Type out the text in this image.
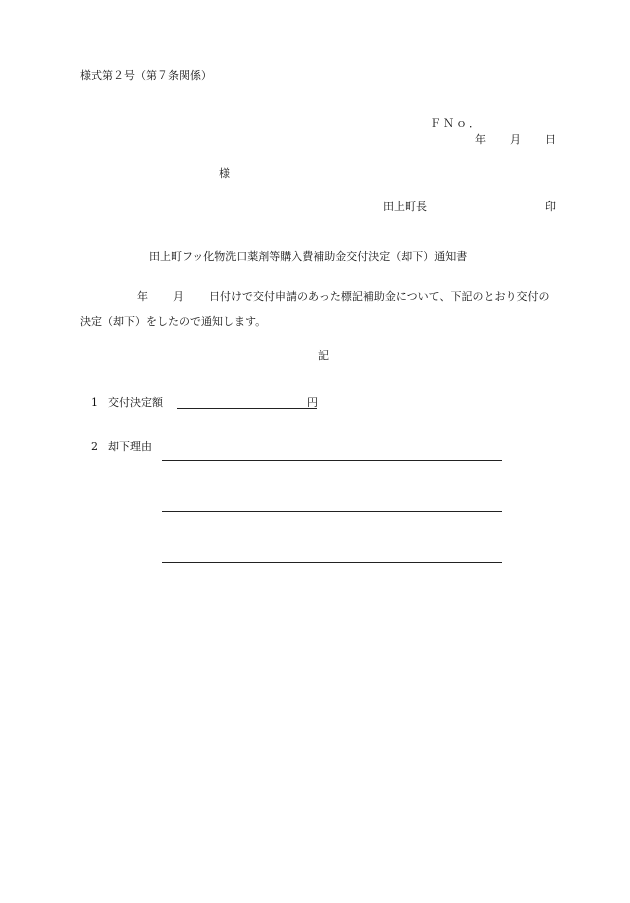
様式第２号（第７条関係）
ＦＮｏ．
年 月 日
様
田上町長	印
田上町フッ化物洗口薬剤等購入費補助金交付決定（却下）通知書
年 月 日付けで交付申請のあった標記補助金について、下記のとおり交付の
決定（却下）をしたので通知します。
記
1 交付決定額	円
2 却下理由
